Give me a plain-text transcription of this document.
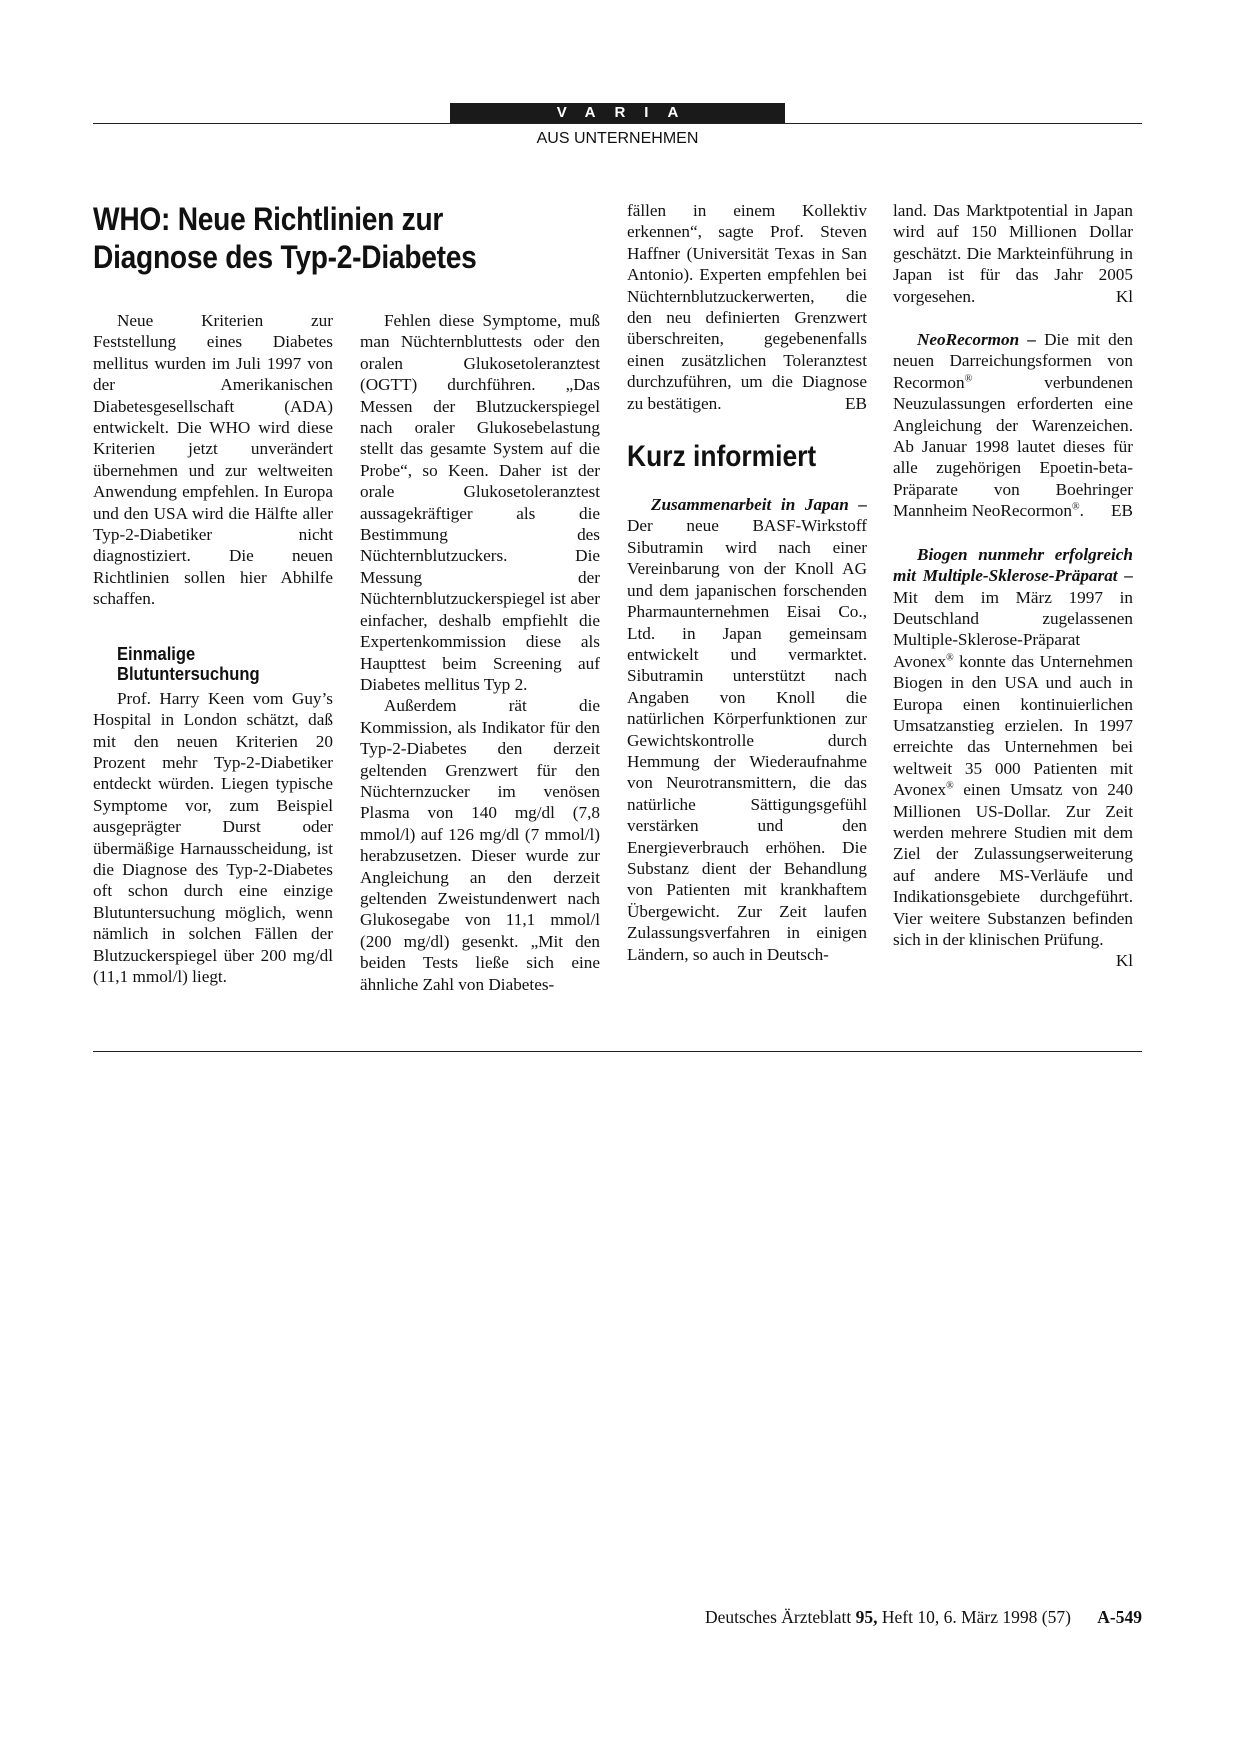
VARIA
AUS UNTERNEHMEN
WHO: Neue Richtlinien zur Diagnose des Typ-2-Diabetes

Neue Kriterien zur Feststellung eines Diabetes mellitus wurden im Juli 1997 von der Amerikanischen Diabetesgesellschaft (ADA) entwickelt. Die WHO wird diese Kriterien jetzt unverändert übernehmen und zur weltweiten Anwendung empfehlen. In Europa und den USA wird die Hälfte aller Typ-2-Diabetiker nicht diagnostiziert. Die neuen Richtlinien sollen hier Abhilfe schaffen.

Einmalige Blutuntersuchung

Prof. Harry Keen vom Guy’s Hospital in London schätzt, daß mit den neuen Kriterien 20 Prozent mehr Typ-2-Diabetiker entdeckt würden. Liegen typische Symptome vor, zum Beispiel ausgeprägter Durst oder übermäßige Harnausscheidung, ist die Diagnose des Typ-2-Diabetes oft schon durch eine einzige Blutuntersuchung möglich, wenn nämlich in solchen Fällen der Blutzuckerspiegel über 200 mg/dl (11,1 mmol/l) liegt.

Fehlen diese Symptome, muß man Nüchternbluttests oder den oralen Glukosetoleranztest (OGTT) durchführen. „Das Messen der Blutzuckerspiegel nach oraler Glukosebelastung stellt das gesamte System auf die Probe“, so Keen. Daher ist der orale Glukosetoleranztest aussagekräftiger als die Bestimmung des Nüchternblutzuckers. Die Messung der Nüchternblutzuckerspiegel ist aber einfacher, deshalb empfiehlt die Expertenkommission diese als Haupttest beim Screening auf Diabetes mellitus Typ 2.

Außerdem rät die Kommission, als Indikator für den Typ-2-Diabetes den derzeit geltenden Grenzwert für den Nüchternzucker im venösen Plasma von 140 mg/dl (7,8 mmol/l) auf 126 mg/dl (7 mmol/l) herabzusetzen. Dieser wurde zur Angleichung an den derzeit geltenden Zweistundenwert nach Glukosegabe von 11,1 mmol/l (200 mg/dl) gesenkt. „Mit den beiden Tests ließe sich eine ähnliche Zahl von Diabetes-

fällen in einem Kollektiv erkennen“, sagte Prof. Steven Haffner (Universität Texas in San Antonio). Experten empfehlen bei Nüchternblutzuckerwerten, die den neu definierten Grenzwert überschreiten, gegebenenfalls einen zusätzlichen Toleranztest durchzuführen, um die Diagnose zu bestätigen.	EB

Kurz informiert

Zusammenarbeit in Japan – Der neue BASF-Wirkstoff Sibutramin wird nach einer Vereinbarung von der Knoll AG und dem japanischen forschenden Pharmaunternehmen Eisai Co., Ltd. in Japan gemeinsam entwickelt und vermarktet. Sibutramin unterstützt nach Angaben von Knoll die natürlichen Körperfunktionen zur Gewichtskontrolle durch Hemmung der Wiederaufnahme von Neurotransmittern, die das natürliche Sättigungsgefühl verstärken und den Energieverbrauch erhöhen. Die Substanz dient der Behandlung von Patienten mit krankhaftem Übergewicht. Zur Zeit laufen Zulassungsverfahren in einigen Ländern, so auch in Deutsch-

land. Das Marktpotential in Japan wird auf 150 Millionen Dollar geschätzt. Die Markteinführung in Japan ist für das Jahr 2005 vorgesehen.	Kl

NeoRecormon – Die mit den neuen Darreichungsformen von Recormon®	verbundenen Neuzulassungen erforderten eine Angleichung der Warenzeichen. Ab Januar 1998 lautet dieses für alle zugehörigen Epoetin-beta-Präparate von Boehringer Mannheim NeoRecormon®.	EB

Biogen nunmehr erfolgreich mit Multiple-Sklerose-Präparat – Mit dem im März 1997 in Deutschland zugelassenen Multiple-Sklerose-Präparat Avonex® konnte das Unternehmen Biogen in den USA und auch in Europa einen kontinuierlichen Umsatzanstieg erzielen. In 1997 erreichte das Unternehmen bei weltweit 35 000 Patienten mit Avonex® einen Umsatz von 240 Millionen US-Dollar. Zur Zeit werden mehrere Studien mit dem Ziel der Zulassungserweiterung auf andere MS-Verläufe und Indikationsgebiete durchgeführt. Vier weitere Substanzen befinden sich in der klinischen Prüfung.
Kl

Deutsches Ärzteblatt 95, Heft 10, 6. März 1998 (57) A-549
